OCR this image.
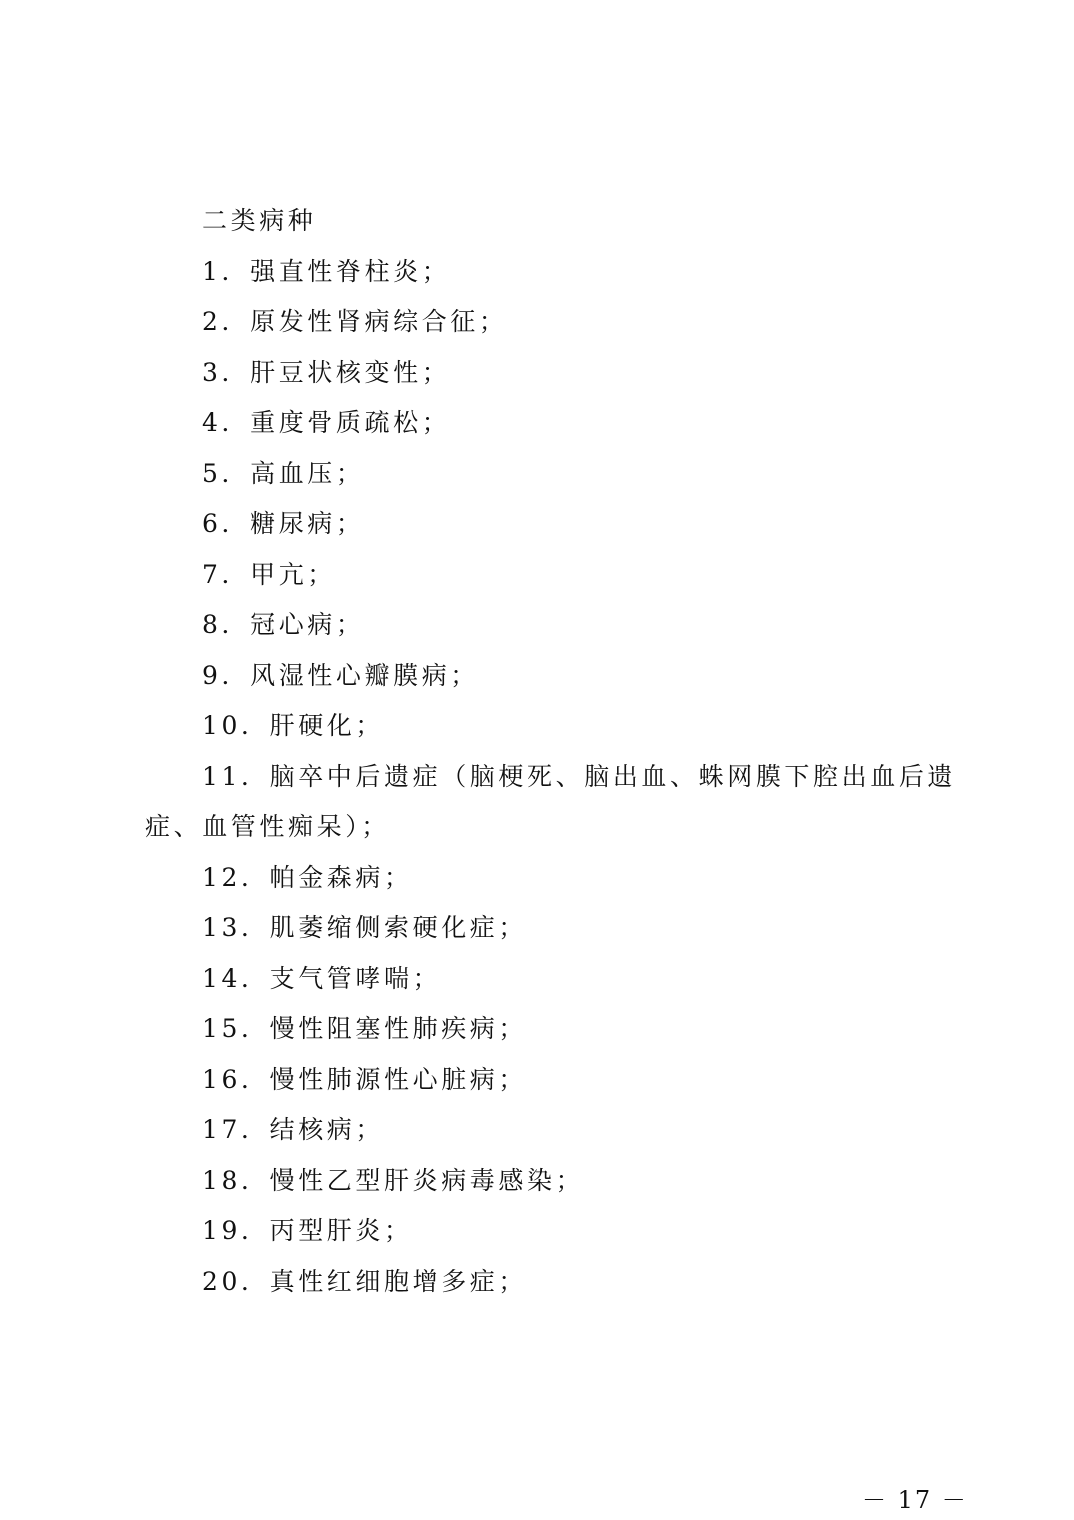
二类病种
1．强直性脊柱炎；
2．原发性肾病综合征；
3．肝豆状核变性；
4．重度骨质疏松；
5．高血压；
6．糖尿病；
7．甲亢；
8．冠心病；
9．风湿性心瓣膜病；
10．肝硬化；
11．脑卒中后遗症（脑梗死、脑出血、蛛网膜下腔出血后遗
症、血管性痴呆）；
12．帕金森病；
13．肌萎缩侧索硬化症；
14．支气管哮喘；
15．慢性阻塞性肺疾病；
16．慢性肺源性心脏病；
17．结核病；
18．慢性乙型肝炎病毒感染；
19．丙型肝炎；
20．真性红细胞增多症；
－ 17 －
